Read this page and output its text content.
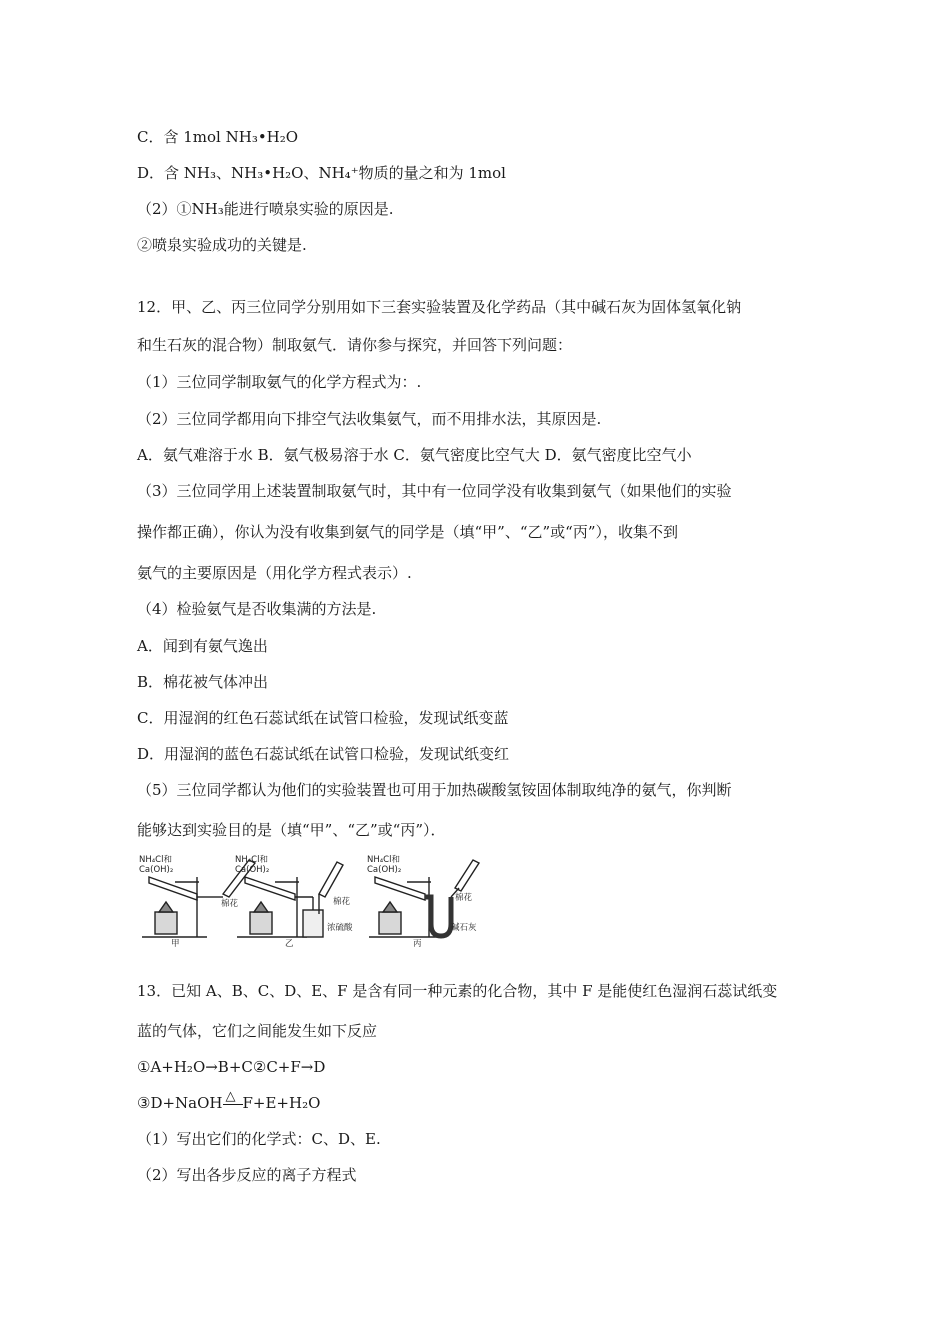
C．含 1mol NH₃•H₂O
D．含 NH₃、NH₃•H₂O、NH₄⁺物质的量之和为 1mol
（2）①NH₃能进行喷泉实验的原因是.
②喷泉实验成功的关键是.
12．甲、乙、丙三位同学分别用如下三套实验装置及化学药品（其中碱石灰为固体氢氧化钠
和生石灰的混合物）制取氨气．请你参与探究，并回答下列问题：
（1）三位同学制取氨气的化学方程式为：.
（2）三位同学都用向下排空气法收集氨气，而不用排水法，其原因是.
A．氨气难溶于水 B．氨气极易溶于水 C．氨气密度比空气大 D．氨气密度比空气小
（3）三位同学用上述装置制取氨气时，其中有一位同学没有收集到氨气（如果他们的实验
操作都正确），你认为没有收集到氨气的同学是（填“甲”、“乙”或“丙”），收集不到
氨气的主要原因是（用化学方程式表示）.
（4）检验氨气是否收集满的方法是.
A．闻到有氨气逸出
B．棉花被气体冲出
C．用湿润的红色石蕊试纸在试管口检验，发现试纸变蓝
D．用湿润的蓝色石蕊试纸在试管口检验，发现试纸变红
（5）三位同学都认为他们的实验装置也可用于加热碳酸氢铵固体制取纯净的氨气，你判断
能够达到实验目的是（填“甲”、“乙”或“丙”）．
NH₄Cl和
Ca(OH)₂
棉花
甲
NH₄Cl和
Ca(OH)₂
棉花
浓硫酸
乙
NH₄Cl和
Ca(OH)₂
棉花
碱石灰
丙
13．已知 A、B、C、D、E、F 是含有同一种元素的化合物，其中 F 是能使红色湿润石蕊试纸变
蓝的气体，它们之间能发生如下反应
①A+H₂O→B+C②C+F→D
③D+NaOH △ F+E+H₂O
（1）写出它们的化学式：C、D、E.
（2）写出各步反应的离子方程式
